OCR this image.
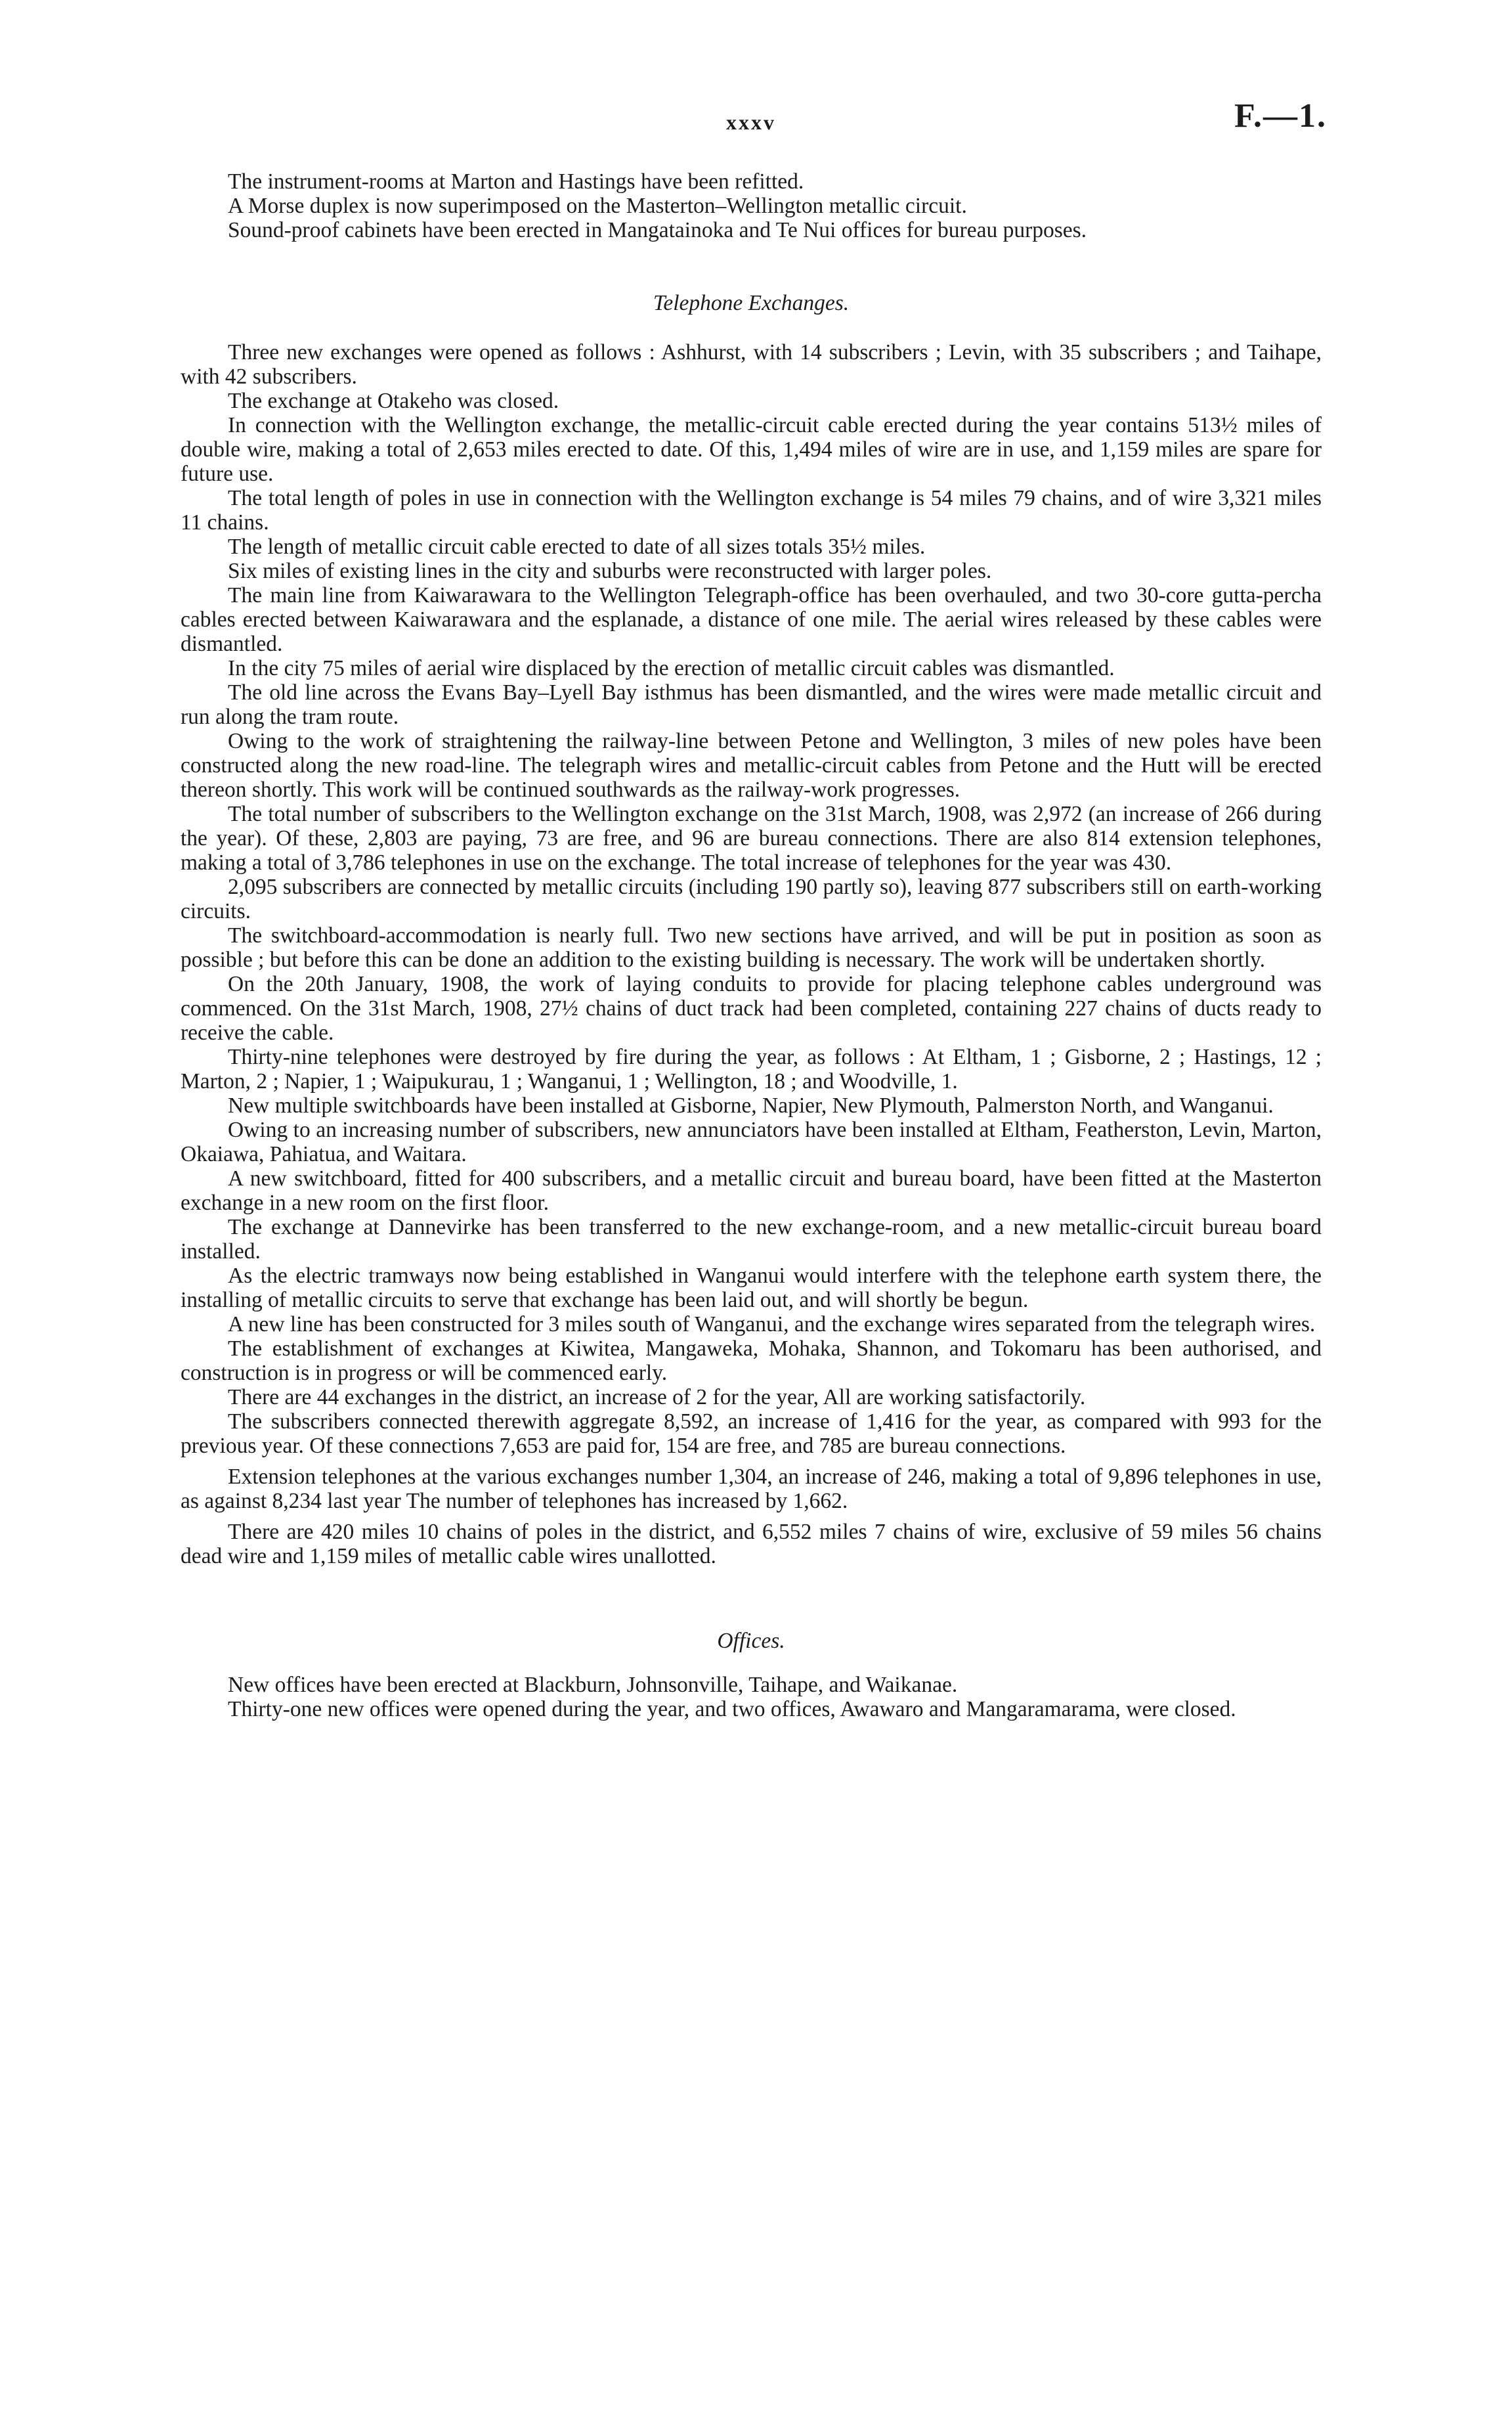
xxxv	F.—1.

The instrument-rooms at Marton and Hastings have been refitted.

A Morse duplex is now superimposed on the Masterton–Wellington metallic circuit.

Sound-proof cabinets have been erected in Mangatainoka and Te Nui offices for bureau purposes.

Telephone Exchanges.

Three new exchanges were opened as follows : Ashhurst, with 14 subscribers ; Levin, with 35 subscribers ; and Taihape, with 42 subscribers.

The exchange at Otakeho was closed.

In connection with the Wellington exchange, the metallic-circuit cable erected during the year contains 513½ miles of double wire, making a total of 2,653 miles erected to date. Of this, 1,494 miles of wire are in use, and 1,159 miles are spare for future use.

The total length of poles in use in connection with the Wellington exchange is 54 miles 79 chains, and of wire 3,321 miles 11 chains.

The length of metallic circuit cable erected to date of all sizes totals 35½ miles.

Six miles of existing lines in the city and suburbs were reconstructed with larger poles.

The main line from Kaiwarawara to the Wellington Telegraph-office has been overhauled, and two 30-core gutta-percha cables erected between Kaiwarawara and the esplanade, a distance of one mile. The aerial wires released by these cables were dismantled.

In the city 75 miles of aerial wire displaced by the erection of metallic circuit cables was dismantled.

The old line across the Evans Bay–Lyell Bay isthmus has been dismantled, and the wires were made metallic circuit and run along the tram route.

Owing to the work of straightening the railway-line between Petone and Wellington, 3 miles of new poles have been constructed along the new road-line. The telegraph wires and metallic-circuit cables from Petone and the Hutt will be erected thereon shortly. This work will be continued southwards as the railway-work progresses.

The total number of subscribers to the Wellington exchange on the 31st March, 1908, was 2,972 (an increase of 266 during the year). Of these, 2,803 are paying, 73 are free, and 96 are bureau connections. There are also 814 extension telephones, making a total of 3,786 telephones in use on the exchange. The total increase of telephones for the year was 430.

2,095 subscribers are connected by metallic circuits (including 190 partly so), leaving 877 subscribers still on earth-working circuits.

The switchboard-accommodation is nearly full. Two new sections have arrived, and will be put in position as soon as possible ; but before this can be done an addition to the existing building is necessary. The work will be undertaken shortly.

On the 20th January, 1908, the work of laying conduits to provide for placing telephone cables underground was commenced. On the 31st March, 1908, 27½ chains of duct track had been completed, containing 227 chains of ducts ready to receive the cable.

Thirty-nine telephones were destroyed by fire during the year, as follows : At Eltham, 1 ; Gisborne, 2 ; Hastings, 12 ; Marton, 2 ; Napier, 1 ; Waipukurau, 1 ; Wanganui, 1 ; Wellington, 18 ; and Woodville, 1.

New multiple switchboards have been installed at Gisborne, Napier, New Plymouth, Palmerston North, and Wanganui.

Owing to an increasing number of subscribers, new annunciators have been installed at Eltham, Featherston, Levin, Marton, Okaiawa, Pahiatua, and Waitara.

A new switchboard, fitted for 400 subscribers, and a metallic circuit and bureau board, have been fitted at the Masterton exchange in a new room on the first floor.

The exchange at Dannevirke has been transferred to the new exchange-room, and a new metallic-circuit bureau board installed.

As the electric tramways now being established in Wanganui would interfere with the telephone earth system there, the installing of metallic circuits to serve that exchange has been laid out, and will shortly be begun.

A new line has been constructed for 3 miles south of Wanganui, and the exchange wires separated from the telegraph wires.

The establishment of exchanges at Kiwitea, Mangaweka, Mohaka, Shannon, and Tokomaru has been authorised, and construction is in progress or will be commenced early.

There are 44 exchanges in the district, an increase of 2 for the year, All are working satisfactorily.

The subscribers connected therewith aggregate 8,592, an increase of 1,416 for the year, as compared with 993 for the previous year. Of these connections 7,653 are paid for, 154 are free, and 785 are bureau connections.

Extension telephones at the various exchanges number 1,304, an increase of 246, making a total of 9,896 telephones in use, as against 8,234 last year The number of telephones has increased by 1,662.

There are 420 miles 10 chains of poles in the district, and 6,552 miles 7 chains of wire, exclusive of 59 miles 56 chains dead wire and 1,159 miles of metallic cable wires unallotted.

Offices.

New offices have been erected at Blackburn, Johnsonville, Taihape, and Waikanae.

Thirty-one new offices were opened during the year, and two offices, Awawaro and Mangaramarama, were closed.
